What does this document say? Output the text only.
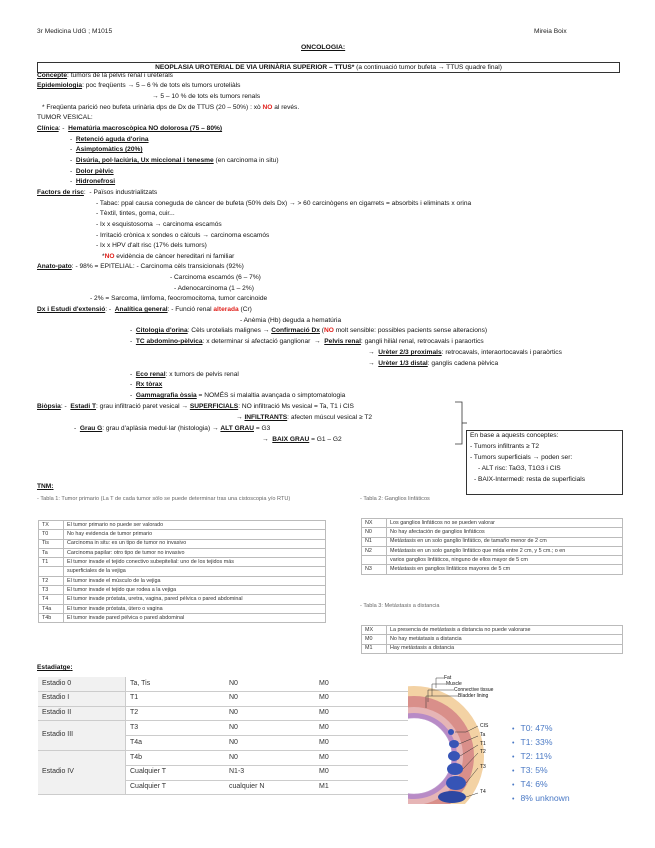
3r Medicina UdG ; M1015	Mireia Boix
ONCOLOGIA:
NEOPLASIA UROTERIAL DE VIA URINÀRIA SUPERIOR – TTUS* (a continuació tumor bufeta → TTUS quadre final)
Concepte: tumors de la pelvis renal i ureterals
Epidemiologia: poc freqüents → 5 – 6 % de tots els tumors uroteliàls
→ 5 – 10 % de tots els tumors renals
* Freqüenta parició neo bufeta urinària dps de Dx de TTUS (20 – 50%) : xò NO al revés.
TUMOR VESICAL:
Clínica: -  Hematúria macroscòpica NO dolorosa (75 – 80%)
-  Retenció aguda d'orina
-  Asimptomàtics (20%)
-  Disúria, pol·laciúria, Ux miccional i tenesme (en carcinoma in situ)
-  Dolor pèlvic
-  Hidronefrosi
Factors de risc:  - Països industrialitzats
- Tabac: ppal causa coneguda de càncer de bufeta (50% dels Dx) → > 60 carcinògens en cigarrets = absorbits i eliminats x orina
- Tèxtil, tintes, goma, cuir...
- Ix x esquistosoma → carcinoma escamós
- Irritació crònica x sondes o càlculs → carcinoma escamós
- Ix x HPV d'alt risc (17% dels tumors)
*NO evidència de càncer hereditari ni familiar
Anato-pato: - 98% = EPITELIAL: - Carcinoma cèls transicionals (92%)
- Carcinoma escamós (6 – 7%)
- Adenocarcinoma (1 – 2%)
- 2% = Sarcoma, limfoma, feocromocitoma, tumor carcinoide
Dx i Estudi d'extensió: -  Analítica general: - Funció renal alterada (Cr)
- Anèmia (Hb) deguda a hematúria
-  Citologia d'orina: Cèls urotelials malignes → Confirmació Dx (NO molt sensible: possibles pacients sense alteracions)
-  TC abdomino-pèlvica: x determinar si afectació ganglionar  →  Pelvis renal: gangli hiliàl renal, retrocavals i paraortics
→  Urèter 2/3 proximals: retrocavals, interaortocavals i paraòrtics
→  Urèter 1/3 distal: ganglis cadena pèlvica
-  Eco renal: x tumors de pelvis renal
-  Rx tòrax
-  Gammagrafia òssia = NOMÉS si malaltia avançada o simptomatologia
Biòpsia: -  Estadi T: grau infiltració paret vesical → SUPERFICIALS: NO infiltració Ms vesical = Ta, T1 i CIS
→ INFILTRANTS: afecten múscul vesical ≥ T2
-  Grau G: grau d'aplàsia medul·lar (histologia) → ALT GRAU = G3
→  BAIX GRAU = G1 – G2
En base a aquests conceptes:
- Tumors infiltrants ≥ T2
- Tumors superficials → poden ser:
- ALT risc: TaG3, T1G3 i CIS
- BAIX-Intermedi: resta de superficials
TNM:
- Tabla 1: Tumor primario (La T de cada tumor sólo se puede determinar tras una cistoscopia y/o RTU)	- Tabla 2: Ganglios linfáticos
- Tabla 3: Metástasis a distancia
TX	El tumor primario no puede ser valorado
T0	No hay evidencia de tumor primario
Tis	Carcinoma in situ: es un tipo de tumor no invasivo
Ta	Carcinoma papilar: otro tipo de tumor no invasivo
T1	El tumor invade el tejido conectivo subepitelial: uno de los tejidos más
	superficiales de la vejiga
T2	El tumor invade el músculo de la vejiga
T3	El tumor invade el tejido que rodea a la vejiga
T4	El tumor invade próstata, uretra, vagina, pared pélvica o pared abdominal
T4a	El tumor invade próstata, útero o vagina
T4b	El tumor invade pared pélvica o pared abdominal
NX	Los ganglios linfáticos no se pueden valorar
N0	No hay afectación de ganglios linfáticos
N1	Metástasis en un solo ganglio linfático, de tamaño menor de 2 cm
N2	Metástasis en un solo ganglio linfático que mida entre 2 cm, y 5 cm.; o en
	varios ganglios linfáticos, ninguno de ellos mayor de 5 cm
N3	Metástasis en ganglios linfáticos mayores de 5 cm
MX	La presencia de metástasis a distancia no puede valorarse
M0	No hay metástasis a distancia
M1	Hay metástasis a distancia
Estadiatge:
Estadio 0	Ta, Tis	N0	M0
Estadio I	T1	N0	M0
Estadio II	T2	N0	M0
Estadio III	T3	N0	M0
	T4a	N0	M0
Estadio IV	T4b	N0	M0
	Cualquier T	N1-3	M0
	Cualquier T	cualquier N	M1
Fat
Muscle
Connective tissue
Bladder lining
CIS
Ta
T1
T2
T3
T4
• T0: 47%
• T1: 33%
• T2: 11%
• T3: 5%
• T4: 6%
• 8% unknown
